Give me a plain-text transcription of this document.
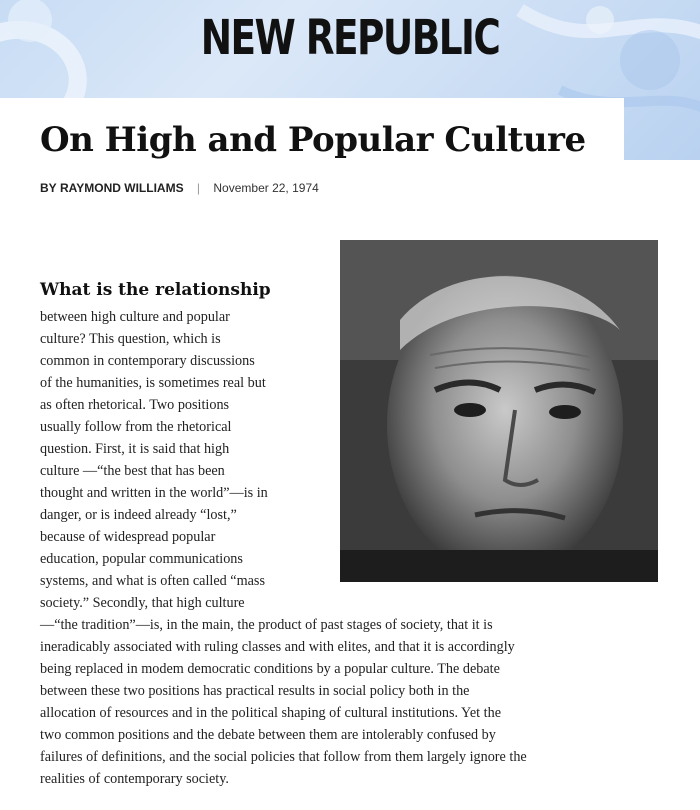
NEW REPUBLIC
On High and Popular Culture
BY RAYMOND WILLIAMS | November 22, 1974
What is the relationship

between high culture and popular
culture? This question, which is
common in contemporary discussions
of the humanities, is sometimes real but
as often rhetorical. Two positions
usually follow from the rhetorical
question. First, it is said that high
culture —“the best that has been
thought and written in the world”—is in
danger, or is indeed already “lost,”
because of widespread popular
education, popular communications
systems, and what is often called “mass
society.” Secondly, that high culture
—“the tradition”—is, in the main, the product of past stages of society, that it is
ineradicably associated with ruling classes and with elites, and that it is accordingly
being replaced in modem democratic conditions by a popular culture. The debate
between these two positions has practical results in social policy both in the
allocation of resources and in the political shaping of cultural institutions. Yet the
two common positions and the debate between them are intolerably confused by
failures of definitions, and the social policies that follow from them largely ignore the
realities of contemporary society.
